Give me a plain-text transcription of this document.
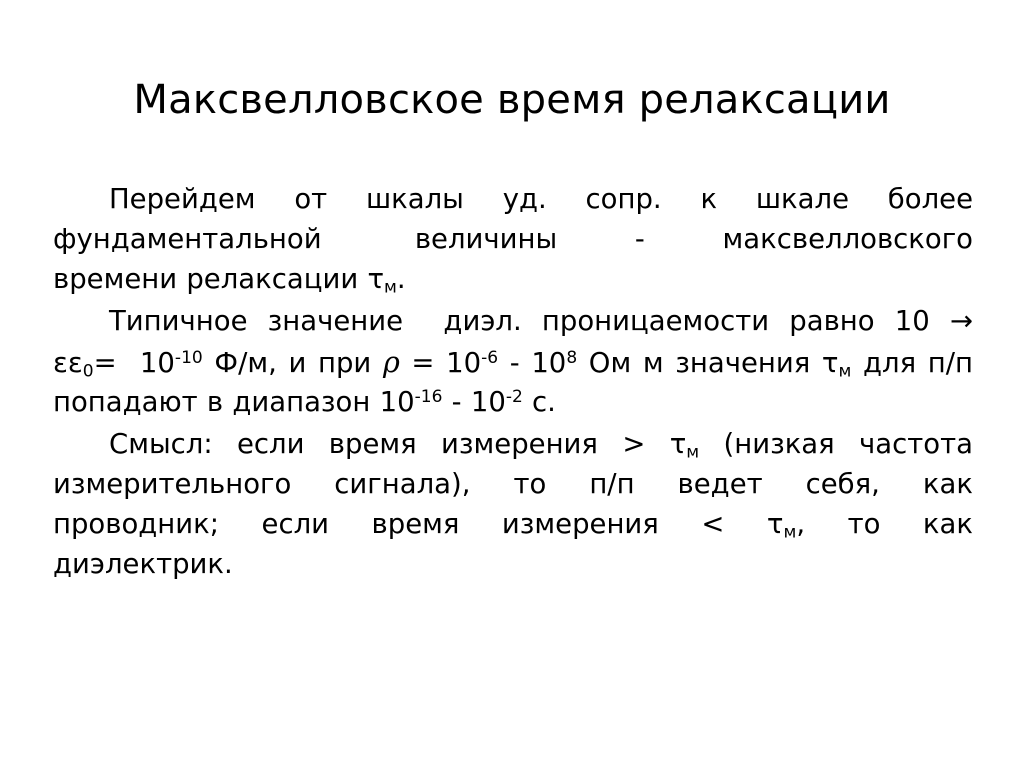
Максвелловское время релаксации

Перейдем  от  шкалы  уд.  сопр.  к  шкале  более фундаментальной      величины     -     максвелловского времени релаксации $\tau_м$.

Типичное значение  диэл. проницаемости равно $10 \to \varepsilon\varepsilon_0= 10^{-10}$ Ф/м, и при $\rho = 10^{-6} - 10^8$ Ом м значения $\tau_м$ для п/п попадают в диапазон $10^{-16} - 10^{-2}$ с.

Смысл: если время измерения > $\tau_м$ (низкая частота измерительного  сигнала),  то  п/п  ведет  себя,  как проводник;  если  время  измерения  <  $\tau_м$,  то  как диэлектрик.
